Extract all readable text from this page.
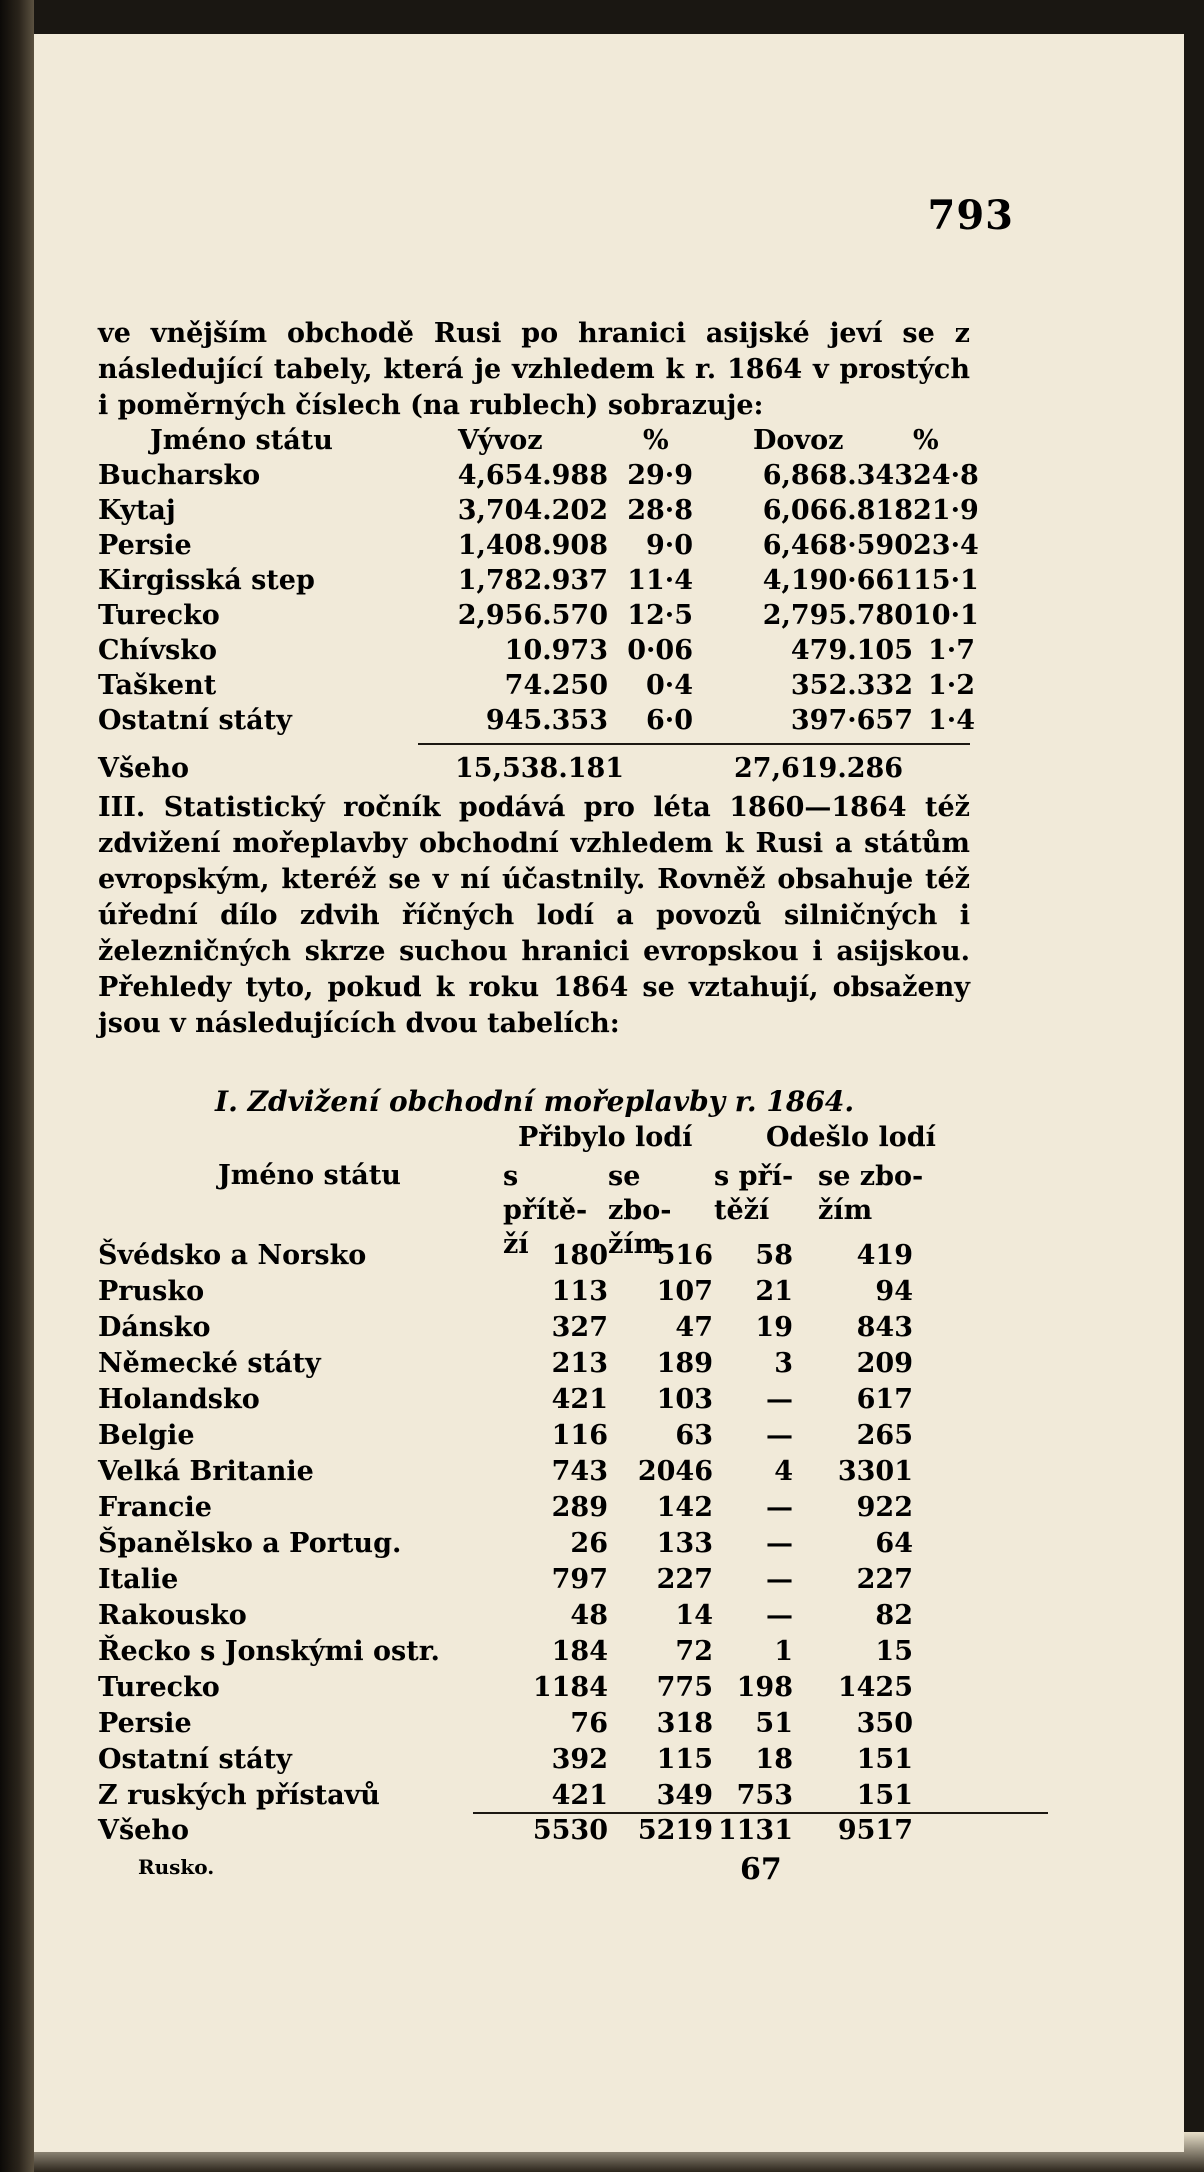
793

ve vnějším obchodě Rusi po hranici asijské jeví se z následující tabely, která je vzhledem k r. 1864 v prostých i poměrných číslech (na rublech) sobrazuje:

Jméno státu	Vývoz	%	Dovoz	%
Bucharsko	4,654.988 29·9	6,868.343 24·8
Kytaj	3,704.202 28·8	6,066.818 21·9
Persie	1,408.908	9·0	6,468·590 23·4
Kirgisská step	1,782.937 11·4	4,190·661 15·1
Turecko	2,956.570 12·5	2,795.780 10·1
Chívsko	10.973 0·06	479.105 1·7
Taškent	74.250	0·4	352.332 1·2
Ostatní státy	945.353	6·0	397·657 1·4
Všeho	15,538.181	27,619.286

III. Statistický ročník podává pro léta 1860—1864 též zdvižení mořeplavby obchodní vzhledem k Rusi a státům evropským, kteréž se v ní účastnily. Rovněž obsahuje též úřední dílo zdvih říčných lodí a povozů silničných i železničných skrze suchou hranici evropskou i asijskou. Přehledy tyto, pokud k roku 1864 se vztahují, obsaženy jsou v následujících dvou tabelích:

I. Zdvižení obchodní mořeplavby r. 1864.
Přibylo lodí	Odešlo lodí
Jméno státu	s přítě- ží
se zbo- žím
s pří- těží
se zbo- žím
Švédsko a Norsko	180	516	58	419
Prusko	113	107	21	94
Dánsko	327	47	19	843
Německé státy	213	189	3	209
Holandsko	421	103	—	617
Belgie	116	63	—	265
Velká Britanie	743	2046	4	3301
Francie	289	142	—	922
Španělsko a Portug.	26	133	—	64
Italie	797	227	—	227
Rakousko	48	14	—	82
Řecko s Jonskými ostr.	184	72	1	15
Turecko	1184	775 198	1425
Persie	76	318	51	350
Ostatní státy	392	115	18	151
Z ruských přístavů	421	349 753	151
Všeho	5530	5219 1131	9517
Rusko.	67
